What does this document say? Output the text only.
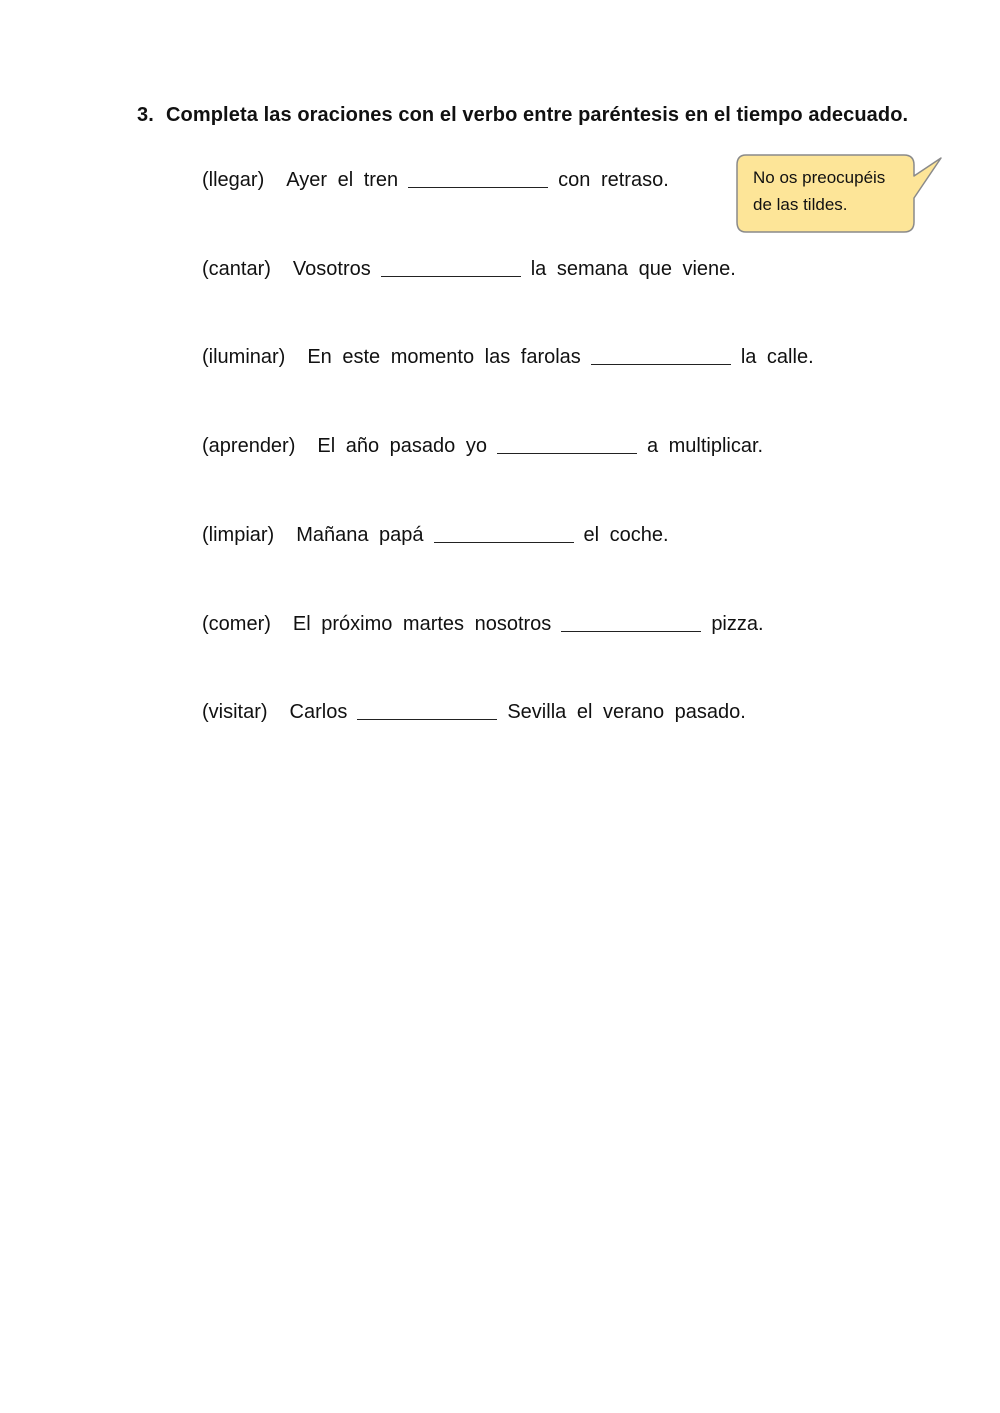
3. Completa las oraciones con el verbo entre paréntesis en el tiempo adecuado.
(llegar) Ayer el tren	con retraso.
(cantar) Vosotros	la semana que viene.
(iluminar) En este momento las farolas	la calle.
(aprender) El año pasado yo	a multiplicar.
(limpiar) Mañana papá	el coche.
(comer) El próximo martes nosotros	pizza.
(visitar) Carlos	Sevilla el verano pasado.
No os preocupéis
de las tildes.
